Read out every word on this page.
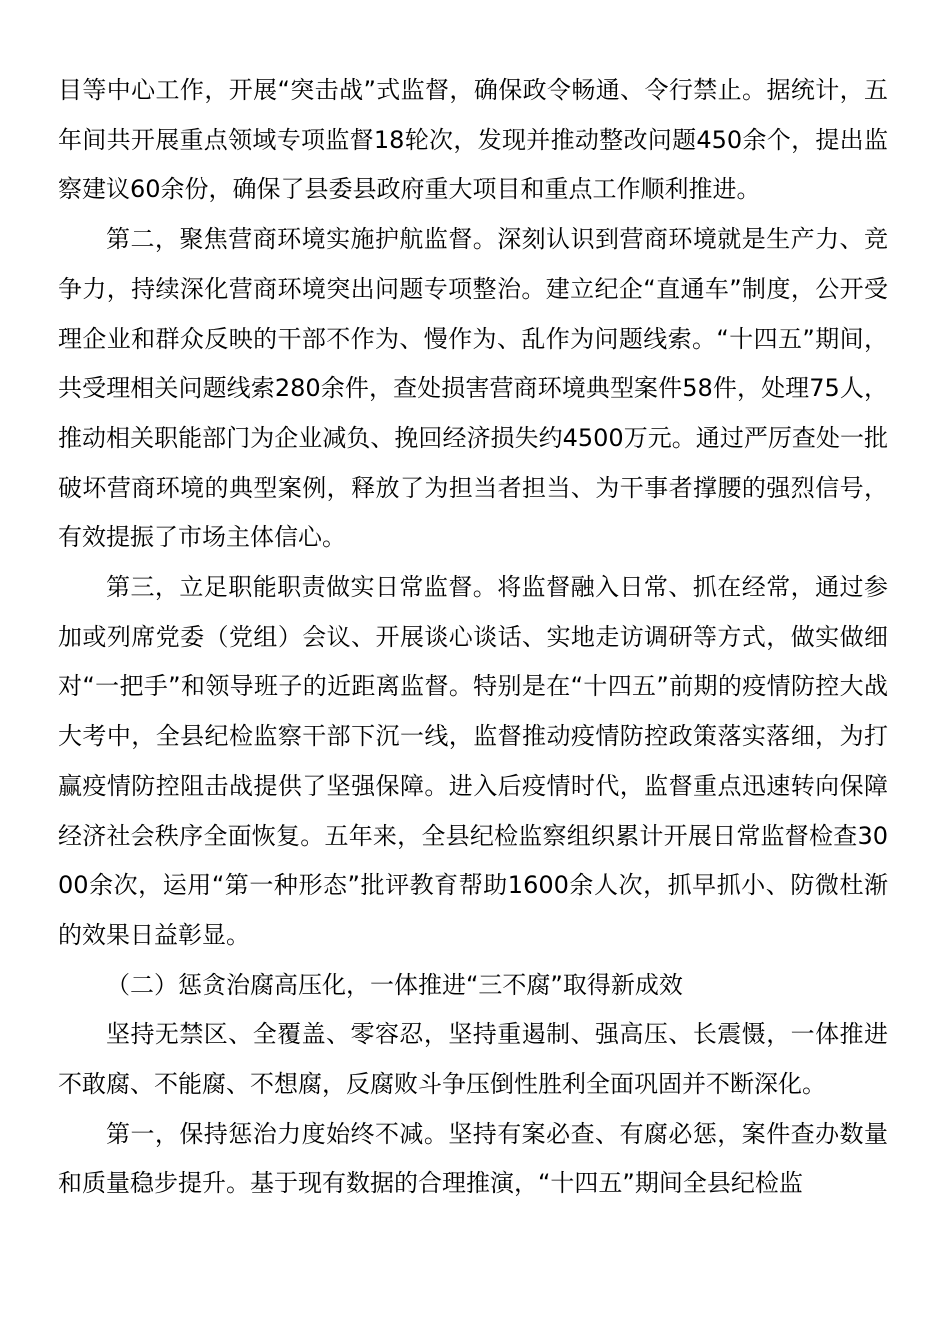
目等中心工作，开展“突击战”式监督，确保政令畅通、令行禁止。据统计，五年间共开展重点领域专项监督18轮次，发现并推动整改问题450余个，提出监察建议60余份，确保了县委县政府重大项目和重点工作顺利推进。

第二，聚焦营商环境实施护航监督。深刻认识到营商环境就是生产力、竞争力，持续深化营商环境突出问题专项整治。建立纪企“直通车”制度，公开受理企业和群众反映的干部不作为、慢作为、乱作为问题线索。“十四五”期间，共受理相关问题线索280余件，查处损害营商环境典型案件58件，处理75人，推动相关职能部门为企业减负、挽回经济损失约4500万元。通过严厉查处一批破坏营商环境的典型案例，释放了为担当者担当、为干事者撑腰的强烈信号，有效提振了市场主体信心。

第三，立足职能职责做实日常监督。将监督融入日常、抓在经常，通过参加或列席党委（党组）会议、开展谈心谈话、实地走访调研等方式，做实做细对“一把手”和领导班子的近距离监督。特别是在“十四五”前期的疫情防控大战大考中，全县纪检监察干部下沉一线，监督推动疫情防控政策落实落细，为打赢疫情防控阻击战提供了坚强保障。进入后疫情时代，监督重点迅速转向保障经济社会秩序全面恢复。五年来，全县纪检监察组织累计开展日常监督检查3000余次，运用“第一种形态”批评教育帮助1600余人次，抓早抓小、防微杜渐的效果日益彰显。

（二）惩贪治腐高压化，一体推进“三不腐”取得新成效

坚持无禁区、全覆盖、零容忍，坚持重遏制、强高压、长震慑，一体推进不敢腐、不能腐、不想腐，反腐败斗争压倒性胜利全面巩固并不断深化。

第一，保持惩治力度始终不减。坚持有案必查、有腐必惩，案件查办数量和质量稳步提升。基于现有数据的合理推演，“十四五”期间全县纪检监
